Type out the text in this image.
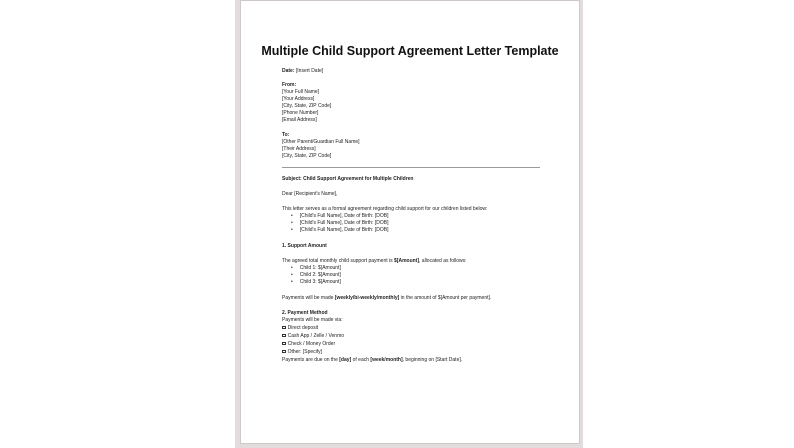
Multiple Child Support Agreement Letter Template
Date: [Insert Date]
From:
[Your Full Name]
[Your Address]
[City, State, ZIP Code]
[Phone Number]
[Email Address]
To:
[Other Parent/Guardian Full Name]
[Their Address]
[City, State, ZIP Code]
Subject: Child Support Agreement for Multiple Children
Dear [Recipient's Name],
This letter serves as a formal agreement regarding child support for our children listed below:
•     [Child's Full Name], Date of Birth: [DOB]
•     [Child's Full Name], Date of Birth: [DOB]
•     [Child's Full Name], Date of Birth: [DOB]
1. Support Amount
The agreed total monthly child support payment is $[Amount], allocated as follows:
•     Child 1: $[Amount]
•     Child 2: $[Amount]
•     Child 3: $[Amount]
Payments will be made [weekly/bi-weekly/monthly] in the amount of $[Amount per payment].
2. Payment Method
Payments will be made via:
Direct deposit
Cash App / Zelle / Venmo
Check / Money Order
Other: [Specify]
Payments are due on the [day] of each [week/month], beginning on [Start Date].
